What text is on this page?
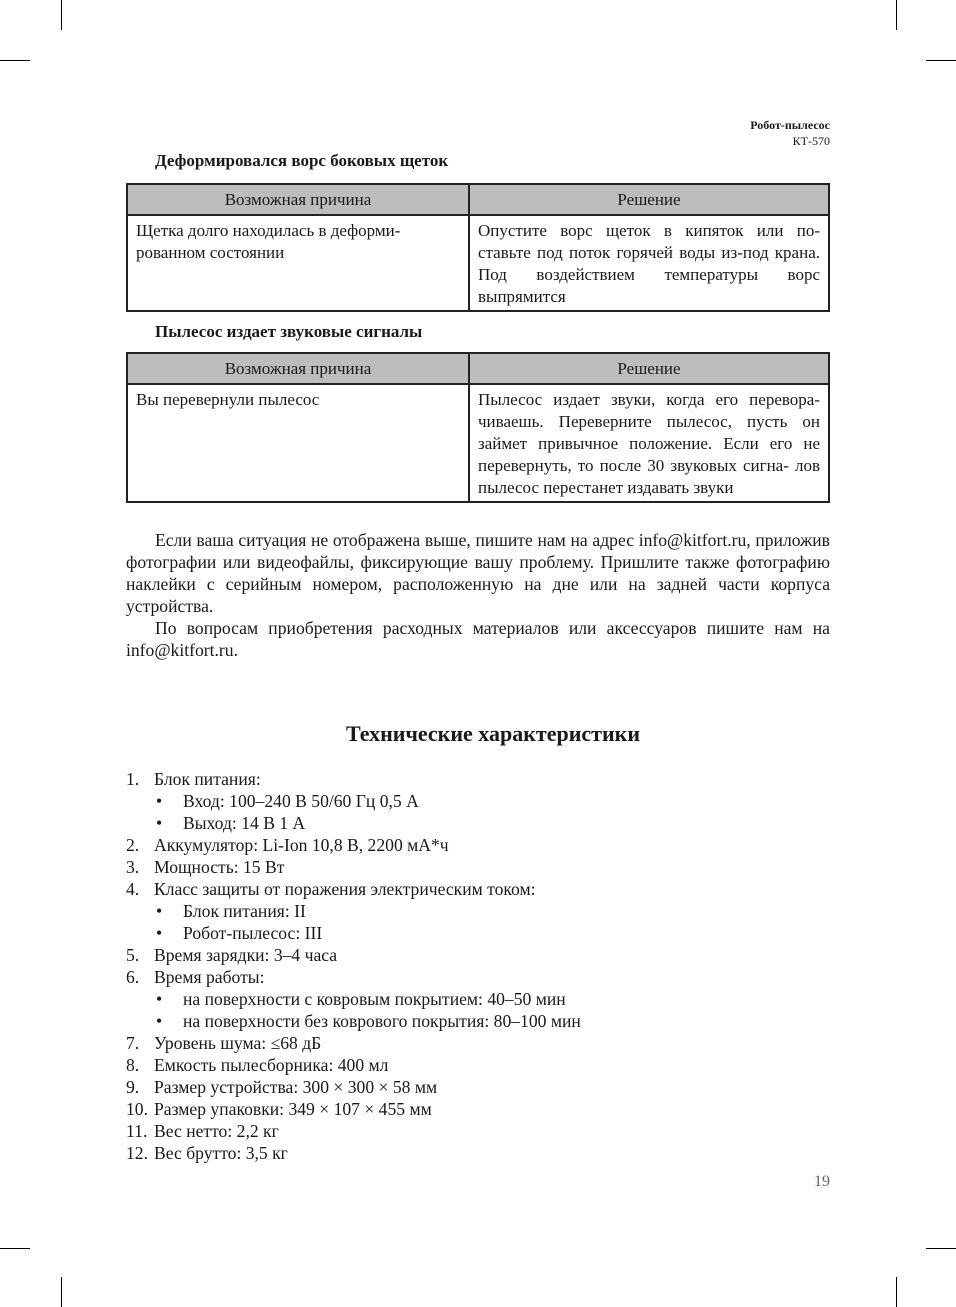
Робот-пылесос
КТ-570
Деформировался ворс боковых щеток
Возможная причина	Решение

Щетка долго находилась в деформи- рованном состоянии	Опустите ворс щеток в кипяток или по- ставьте под поток горячей воды из-под крана. Под воздействием температуры ворс выпрямится
Пылесос издает звуковые сигналы
Возможная причина	Решение

Вы перевернули пылесос	Пылесос издает звуки, когда его перевора- чиваешь. Переверните пылесос, пусть он займет привычное положение. Если его не перевернуть, то после 30 звуковых сигна- лов пылесос перестанет издавать звуки

Если ваша ситуация не отображена выше, пишите нам на адрес info@kitfort.ru, приложив фотографии или видеофайлы, фиксирующие вашу проблему. Пришлите также фотографию наклейки с серийным номером, расположенную на дне или на задней части корпуса устройства.

По вопросам приобретения расходных материалов или аксессуаров пишите нам на info@kitfort.ru.

Технические характеристики
1. Блок питания:
• Вход: 100–240 В 50/60 Гц 0,5 А
• Выход: 14 В 1 А
2. Аккумулятор: Li-Ion 10,8 В, 2200 мА*ч
3. Мощность: 15 Вт
4. Класс защиты от поражения электрическим током:
• Блок питания: II
• Робот-пылесос: III
5. Время зарядки: 3–4 часа
6. Время работы:
• на поверхности с ковровым покрытием: 40–50 мин
• на поверхности без коврового покрытия: 80–100 мин
7. Уровень шума: ≤68 дБ
8. Емкость пылесборника: 400 мл
9. Размер устройства: 300 × 300 × 58 мм
10. Размер упаковки: 349 × 107 × 455 мм
11. Вес нетто: 2,2 кг
12. Вес брутто: 3,5 кг
19
